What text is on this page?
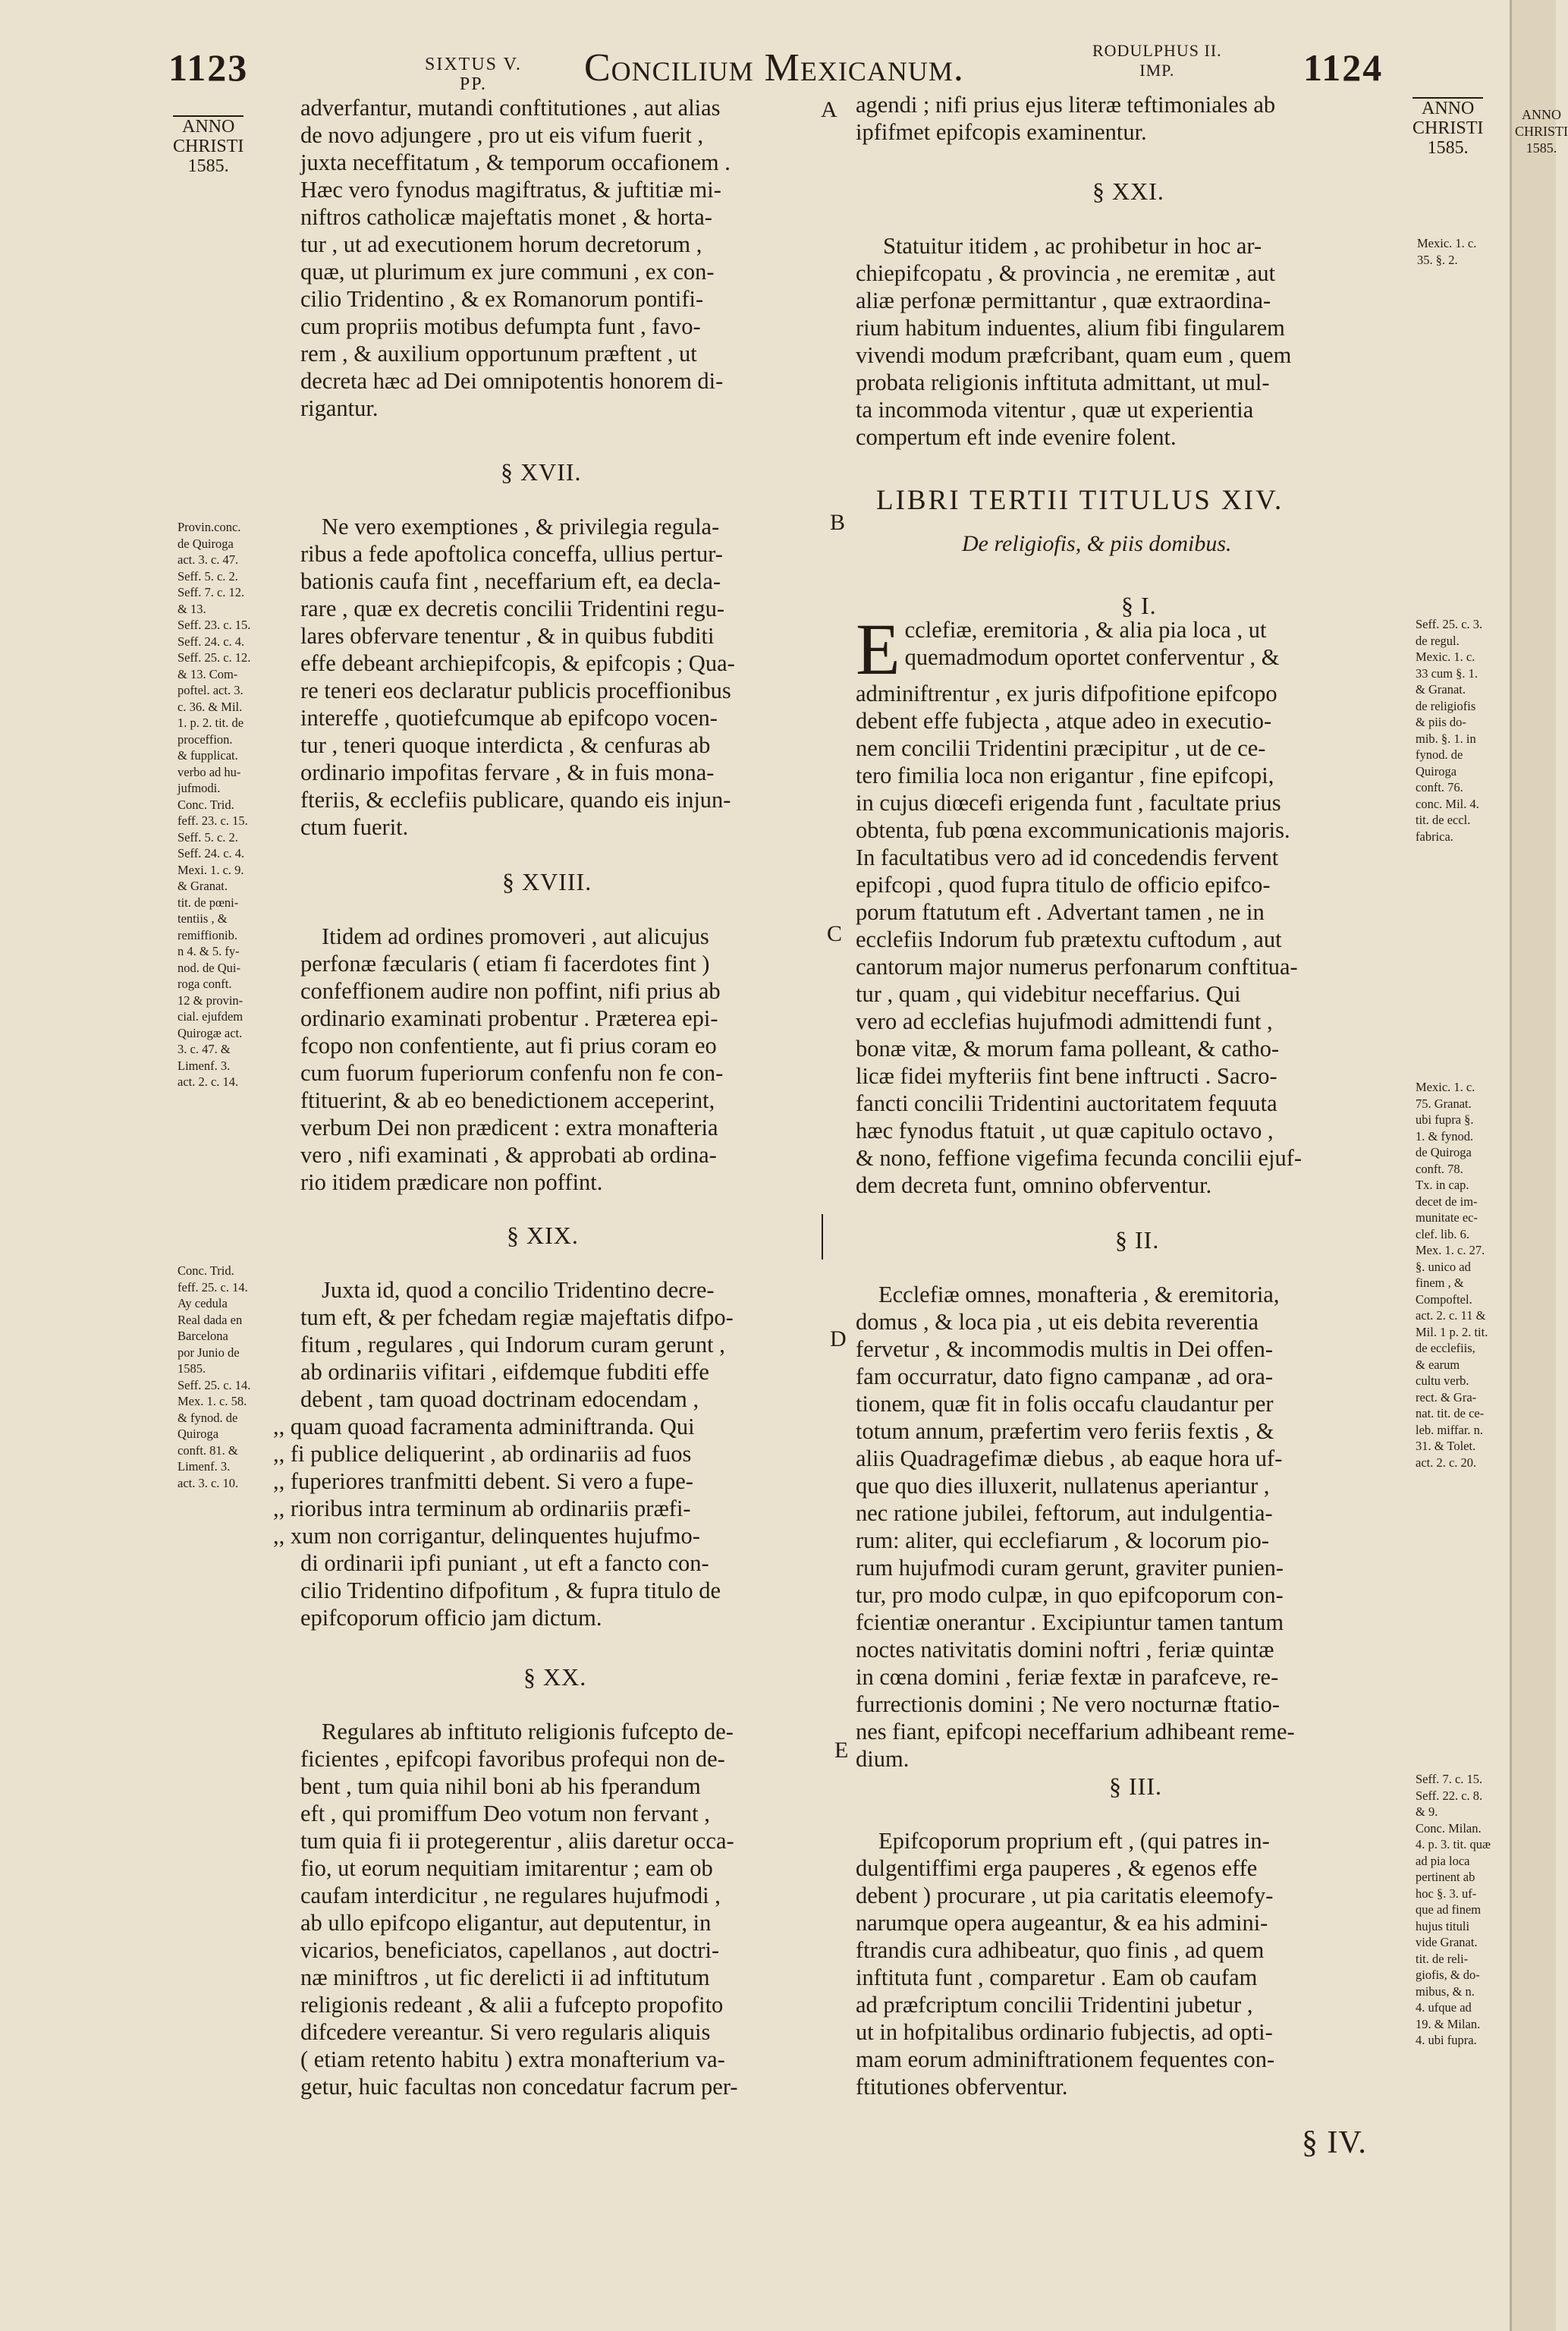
ANNO
CHRISTI
1585.
1123	SIXTUS V.
PP.	Concilium Mexicanum.	RODULPHUS II.
IMP.	1124
ANNO
CHRISTI
1585.
ANNO
CHRISTI
1585.
A
B
C
D
E
adverfantur, mutandi conftitutiones , aut alias
de novo adjungere , pro ut eis vifum fuerit ,
juxta neceffitatum , & temporum occafionem .
Hæc vero fynodus magiftratus, & juftitiæ mi-
niftros catholicæ majeftatis monet , & horta-
tur , ut ad executionem horum decretorum ,
quæ, ut plurimum ex jure communi , ex con-
cilio Tridentino , & ex Romanorum pontifi-
cum propriis motibus defumpta funt , favo-
rem , & auxilium opportunum præftent , ut
decreta hæc ad Dei omnipotentis honorem di-
rigantur.
§ XVII.
Ne vero exemptiones , & privilegia regula-
ribus a fede apoftolica conceffa, ullius pertur-
bationis caufa fint , neceffarium eft, ea decla-
rare , quæ ex decretis concilii Tridentini regu-
lares obfervare tenentur , & in quibus fubditi
effe debeant archiepifcopis, & epifcopis ; Qua-
re teneri eos declaratur publicis proceffionibus
intereffe , quotiefcumque ab epifcopo vocen-
tur , teneri quoque interdicta , & cenfuras ab
ordinario impofitas fervare , & in fuis mona-
fteriis, & ecclefiis publicare, quando eis injun-
ctum fuerit.
§ XVIII.
Itidem ad ordines promoveri , aut alicujus
perfonæ fæcularis ( etiam fi facerdotes fint )
confeffionem audire non poffint, nifi prius ab
ordinario examinati probentur . Præterea epi-
fcopo non confentiente, aut fi prius coram eo
cum fuorum fuperiorum confenfu non fe con-
ftituerint, & ab eo benedictionem acceperint,
verbum Dei non prædicent : extra monafteria
vero , nifi examinati , & approbati ab ordina-
rio itidem prædicare non poffint.
§ XIX.
Juxta id, quod a concilio Tridentino decre-
tum eft, & per fchedam regiæ majeftatis difpo-
fitum , regulares , qui Indorum curam gerunt ,
ab ordinariis vifitari , eifdemque fubditi effe
debent , tam quoad doctrinam edocendam ,
,, quam quoad facramenta adminiftranda. Qui
,, fi publice deliquerint , ab ordinariis ad fuos
,, fuperiores tranfmitti debent. Si vero a fupe-
,, rioribus intra terminum ab ordinariis præfi-
,, xum non corrigantur, delinquentes hujufmo-
di ordinarii ipfi puniant , ut eft a fancto con-
cilio Tridentino difpofitum , & fupra titulo de
epifcoporum officio jam dictum.
§ XX.
Regulares ab inftituto religionis fufcepto de-
ficientes , epifcopi favoribus profequi non de-
bent , tum quia nihil boni ab his fperandum
eft , qui promiffum Deo votum non fervant ,
tum quia fi ii protegerentur , aliis daretur occa-
fio, ut eorum nequitiam imitarentur ; eam ob
caufam interdicitur , ne regulares hujufmodi ,
ab ullo epifcopo eligantur, aut deputentur, in
vicarios, beneficiatos, capellanos , aut doctri-
næ miniftros , ut fic derelicti ii ad inftitutum
religionis redeant , & alii a fufcepto propofito
difcedere vereantur. Si vero regularis aliquis
( etiam retento habitu ) extra monafterium va-
getur, huic facultas non concedatur facrum per-
Provin.conc.
de Quiroga
act. 3. c. 47.
Seff. 5. c. 2.
Seff. 7. c. 12.
& 13.
Seff. 23. c. 15.
Seff. 24. c. 4.
Seff. 25. c. 12.
& 13. Com-
poftel. act. 3.
c. 36. & Mil.
1. p. 2. tit. de
proceffion.
& fupplicat.
verbo ad hu-
jufmodi.
Conc. Trid.
feff. 23. c. 15.
Seff. 5. c. 2.
Seff. 24. c. 4.
Mexi. 1. c. 9.
& Granat.
tit. de pœni-
tentiis , &
remiffionib.
n 4. & 5. fy-
nod. de Qui-
roga conft.
12 & provin-
cial. ejufdem
Quirogæ act.
3. c. 47. &
Limenf. 3.
act. 2. c. 14.
Conc. Trid.
feff. 25. c. 14.
Ay cedula
Real dada en
Barcelona
por Junio de
1585.
Seff. 25. c. 14.
Mex. 1. c. 58.
& fynod. de
Quiroga
conft. 81. &
Limenf. 3.
act. 3. c. 10.
agendi ; nifi prius ejus literæ teftimoniales ab
ipfifmet epifcopis examinentur.
§ XXI.
Statuitur itidem , ac prohibetur in hoc ar-
chiepifcopatu , & provincia , ne eremitæ , aut
aliæ perfonæ permittantur , quæ extraordina-
rium habitum induentes, alium fibi fingularem
vivendi modum præfcribant, quam eum , quem
probata religionis inftituta admittant, ut mul-
ta incommoda vitentur , quæ ut experientia
compertum eft inde evenire folent.
LIBRI TERTII TITULUS XIV.
De religiofis, & piis domibus.
§ I.
E cclefiæ, eremitoria , & alia pia loca , ut
quemadmodum oportet conferventur , &
adminiftrentur , ex juris difpofitione epifcopo
debent effe fubjecta , atque adeo in executio-
nem concilii Tridentini præcipitur , ut de ce-
tero fimilia loca non erigantur , fine epifcopi,
in cujus diœcefi erigenda funt , facultate prius
obtenta, fub pœna excommunicationis majoris.
In facultatibus vero ad id concedendis fervent
epifcopi , quod fupra titulo de officio epifco-
porum ftatutum eft . Advertant tamen , ne in
ecclefiis Indorum fub prætextu cuftodum , aut
cantorum major numerus perfonarum conftitua-
tur , quam , qui videbitur neceffarius. Qui
vero ad ecclefias hujufmodi admittendi funt ,
bonæ vitæ, & morum fama polleant, & catho-
licæ fidei myfteriis fint bene inftructi . Sacro-
fancti concilii Tridentini auctoritatem fequuta
hæc fynodus ftatuit , ut quæ capitulo octavo ,
& nono, feffione vigefima fecunda concilii ejuf-
dem decreta funt, omnino obferventur.
§ II.
Ecclefiæ omnes, monafteria , & eremitoria,
domus , & loca pia , ut eis debita reverentia
fervetur , & incommodis multis in Dei offen-
fam occurratur, dato figno campanæ , ad ora-
tionem, quæ fit in folis occafu claudantur per
totum annum, præfertim vero feriis fextis , &
aliis Quadragefimæ diebus , ab eaque hora uf-
que quo dies illuxerit, nullatenus aperiantur ,
nec ratione jubilei, feftorum, aut indulgentia-
rum: aliter, qui ecclefiarum , & locorum pio-
rum hujufmodi curam gerunt, graviter punien-
tur, pro modo culpæ, in quo epifcoporum con-
fcientiæ onerantur . Excipiuntur tamen tantum
noctes nativitatis domini noftri , feriæ quintæ
in cœna domini , feriæ fextæ in parafceve, re-
furrectionis domini ; Ne vero nocturnæ ftatio-
nes fiant, epifcopi neceffarium adhibeant reme-
dium.
§ III.
Epifcoporum proprium eft , (qui patres in-
dulgentiffimi erga pauperes , & egenos effe
debent ) procurare , ut pia caritatis eleemofy-
narumque opera augeantur, & ea his admini-
ftrandis cura adhibeatur, quo finis , ad quem
inftituta funt , comparetur . Eam ob caufam
ad præfcriptum concilii Tridentini jubetur ,
ut in hofpitalibus ordinario fubjectis, ad opti-
mam eorum adminiftrationem fequentes con-
ftitutiones obferventur.
§ IV.
Mexic. 1. c.
35. §. 2.
Seff. 25. c. 3.
de regul.
Mexic. 1. c.
33 cum §. 1.
& Granat.
de religiofis
& piis do-
mib. §. 1. in
fynod. de
Quiroga
conft. 76.
conc. Mil. 4.
tit. de eccl.
fabrica.
Mexic. 1. c.
75. Granat.
ubi fupra §.
1. & fynod.
de Quiroga
conft. 78.
Tx. in cap.
decet de im-
munitate ec-
clef. lib. 6.
Mex. 1. c. 27.
§. unico ad
finem , &
Compoftel.
act. 2. c. 11 &
Mil. 1 p. 2. tit.
de ecclefiis,
& earum
cultu verb.
rect. & Gra-
nat. tit. de ce-
leb. miffar. n.
31. & Tolet.
act. 2. c. 20.
Seff. 7. c. 15.
Seff. 22. c. 8.
& 9.
Conc. Milan.
4. p. 3. tit. quæ
ad pia loca
pertinent ab
hoc §. 3. uf-
que ad finem
hujus tituli
vide Granat.
tit. de reli-
giofis, & do-
mibus, & n.
4. ufque ad
19. & Milan.
4. ubi fupra.
